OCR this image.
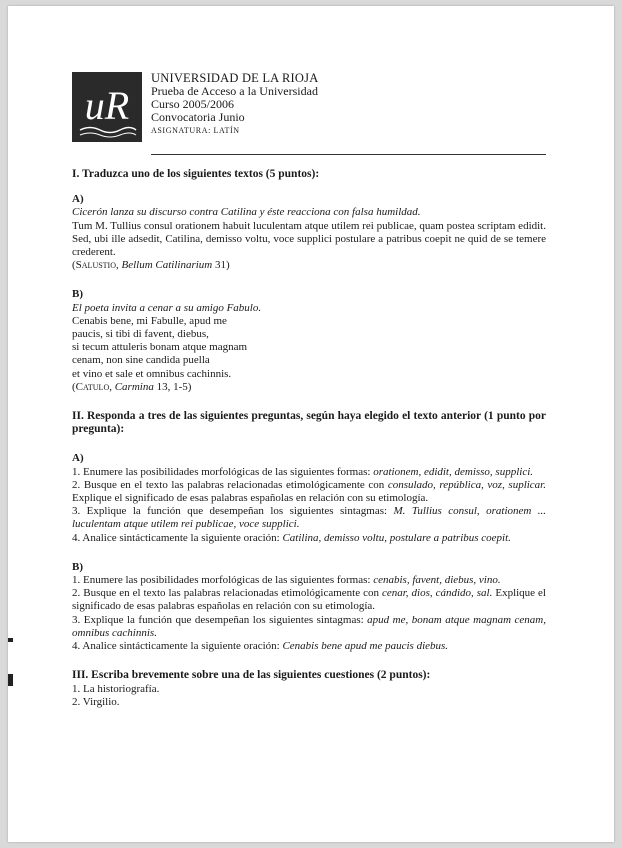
uR
UNIVERSIDAD DE LA RIOJA
Prueba de Acceso a la Universidad
Curso 2005/2006
Convocatoria Junio
ASIGNATURA: LATÍN

I. Traduzca uno de los siguientes textos (5 puntos):

A)

Cicerón lanza su discurso contra Catilina y éste reacciona con falsa humildad.

Tum M. Tullius consul orationem habuit luculentam atque utilem rei publicae, quam postea scriptam edidit. Sed, ubi ille adsedit, Catilina, demisso voltu, voce supplici postulare a patribus coepit ne quid de se temere crederent.

(Salustio, Bellum Catilinarium 31)

B)

El poeta invita a cenar a su amigo Fabulo.

Cenabis bene, mi Fabulle, apud me

paucis, si tibi di favent, diebus,

si tecum attuleris bonam atque magnam

cenam, non sine candida puella

et vino et sale et omnibus cachinnis.

(Catulo, Carmina 13, 1-5)

II. Responda a tres de las siguientes preguntas, según haya elegido el texto anterior (1 punto por pregunta):

A)

1. Enumere las posibilidades morfológicas de las siguientes formas: orationem, edidit, demisso, supplici.

2. Busque en el texto las palabras relacionadas etimológicamente con consulado, república, voz, suplicar. Explique el significado de esas palabras españolas en relación con su etimología.

3. Explique la función que desempeñan los siguientes sintagmas: M. Tullius consul, orationem ... luculentam atque utilem rei publicae, voce supplici.

4. Analice sintácticamente la siguiente oración: Catilina, demisso voltu, postulare a patribus coepit.

B)

1. Enumere las posibilidades morfológicas de las siguientes formas: cenabis, favent, diebus, vino.

2. Busque en el texto las palabras relacionadas etimológicamente con cenar, dios, cándido, sal. Explique el significado de esas palabras españolas en relación con su etimología.

3. Explique la función que desempeñan los siguientes sintagmas: apud me, bonam atque magnam cenam, omnibus cachinnis.

4. Analice sintácticamente la siguiente oración: Cenabis bene apud me paucis diebus.

III. Escriba brevemente sobre una de las siguientes cuestiones (2 puntos):

1. La historiografía.

2. Virgilio.
